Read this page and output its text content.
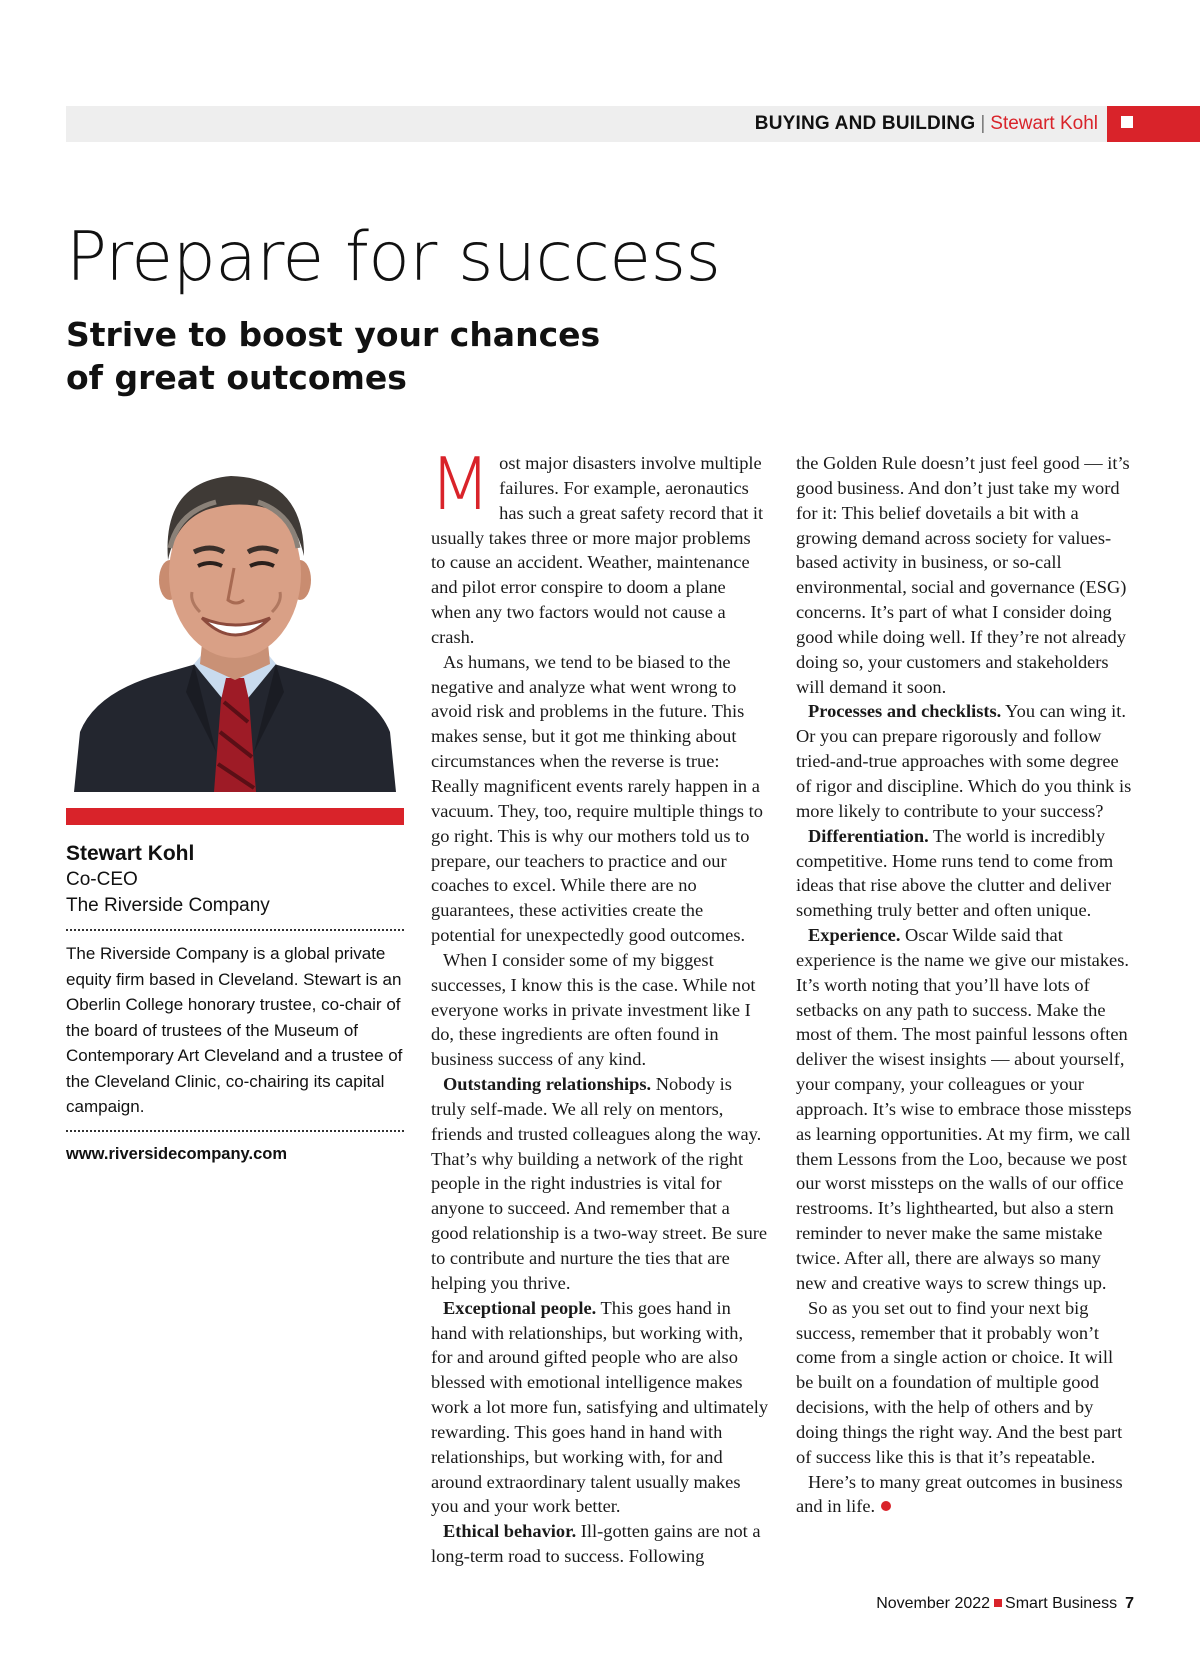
BUYING AND BUILDING | Stewart Kohl
Prepare for success
Strive to boost your chances of great outcomes
Stewart Kohl
Co-CEO
The Riverside Company
The Riverside Company is a global private equity firm based in Cleveland. Stewart is an Oberlin College honorary trustee, co-chair of the board of trustees of the Museum of Contemporary Art Cleveland and a trustee of the Cleveland Clinic, co-chairing its capital campaign.
www.riversidecompany.com

Most major disasters involve multiple failures. For example, aeronautics has such a great safety record that it usually takes three or more major problems to cause an accident. Weather, maintenance and pilot error conspire to doom a plane when any two factors would not cause a crash.

As humans, we tend to be biased to the negative and analyze what went wrong to avoid risk and problems in the future. This makes sense, but it got me thinking about circumstances when the reverse is true: Really magnificent events rarely happen in a vacuum. They, too, require multiple things to go right. This is why our mothers told us to prepare, our teachers to practice and our coaches to excel. While there are no guarantees, these activities create the potential for unexpectedly good outcomes.

When I consider some of my biggest successes, I know this is the case. While not everyone works in private investment like I do, these ingredients are often found in business success of any kind.

Outstanding relationships. Nobody is truly self-made. We all rely on mentors, friends and trusted colleagues along the way. That’s why building a network of the right people in the right industries is vital for anyone to succeed. And remember that a good relationship is a two-way street. Be sure to contribute and nurture the ties that are helping you thrive.

Exceptional people. This goes hand in hand with relationships, but working with, for and around gifted people who are also blessed with emotional intelligence makes work a lot more fun, satisfying and ultimately rewarding. This goes hand in hand with relationships, but working with, for and around extraordinary talent usually makes you and your work better.

Ethical behavior. Ill-gotten gains are not a long-term road to success. Following

the Golden Rule doesn’t just feel good — it’s good business. And don’t just take my word for it: This belief dovetails a bit with a growing demand across society for values-based activity in business, or so-call environmental, social and governance (ESG) concerns. It’s part of what I consider doing good while doing well. If they’re not already doing so, your customers and stakeholders will demand it soon.

Processes and checklists. You can wing it. Or you can prepare rigorously and follow tried-and-true approaches with some degree of rigor and discipline. Which do you think is more likely to contribute to your success?

Differentiation. The world is incredibly competitive. Home runs tend to come from ideas that rise above the clutter and deliver something truly better and often unique.

Experience. Oscar Wilde said that experience is the name we give our mistakes. It’s worth noting that you’ll have lots of setbacks on any path to success. Make the most of them. The most painful lessons often deliver the wisest insights — about yourself, your company, your colleagues or your approach. It’s wise to embrace those missteps as learning opportunities. At my firm, we call them Lessons from the Loo, because we post our worst missteps on the walls of our office restrooms. It’s lighthearted, but also a stern reminder to never make the same mistake twice. After all, there are always so many new and creative ways to screw things up.

So as you set out to find your next big success, remember that it probably won’t come from a single action or choice. It will be built on a foundation of multiple good decisions, with the help of others and by doing things the right way. And the best part of success like this is that it’s repeatable.

Here’s to many great outcomes in business and in life.

November 2022 Smart Business 7
